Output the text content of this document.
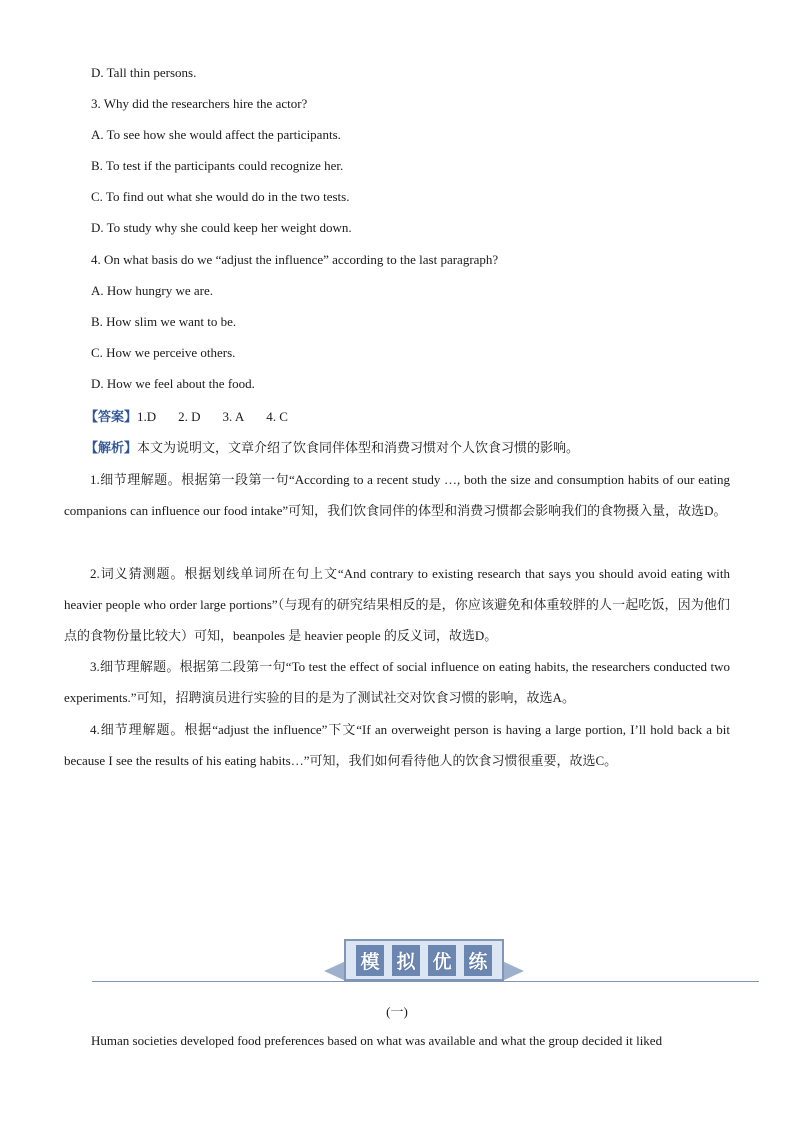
D. Tall thin persons.
3. Why did the researchers hire the actor?
A. To see how she would affect the participants.
B. To test if the participants could recognize her.
C. To find out what she would do in the two tests.
D. To study why she could keep her weight down.
4. On what basis do we “adjust the influence” according to the last paragraph?
A. How hungry we are.
B. How slim we want to be.
C. How we perceive others.
D. How we feel about the food.
【答案】1.D 2. D 3. A 4. C
【解析】本文为说明文，文章介绍了饮食同伴体型和消费习惯对个人饮食习惯的影响。
1.细节理解题。根据第一段第一句“According to a recent study …, both the size and consumption habits of our eating companions can influence our food intake”可知，我们饮食同伴的体型和消费习惯都会影响我们的食物摄入量，故选D。
2.词义猜测题。根据划线单词所在句上文“And contrary to existing research that says you should avoid eating with heavier people who order large portions”（与现有的研究结果相反的是，你应该避免和体重较胖的人一起吃饭，因为他们点的食物份量比较大）可知，beanpoles 是 heavier people 的反义词，故选D。
3.细节理解题。根据第二段第一句“To test the effect of social influence on eating habits, the researchers conducted two experiments.”可知，招聘演员进行实验的目的是为了测试社交对饮食习惯的影响，故选A。
4.细节理解题。根据“adjust the influence”下文“If an overweight person is having a large portion, I’ll hold back a bit because I see the results of his eating habits…”可知，我们如何看待他人的饮食习惯很重要，故选C。
模 拟 优 练
(一)
Human societies developed food preferences based on what was available and what the group decided it liked
